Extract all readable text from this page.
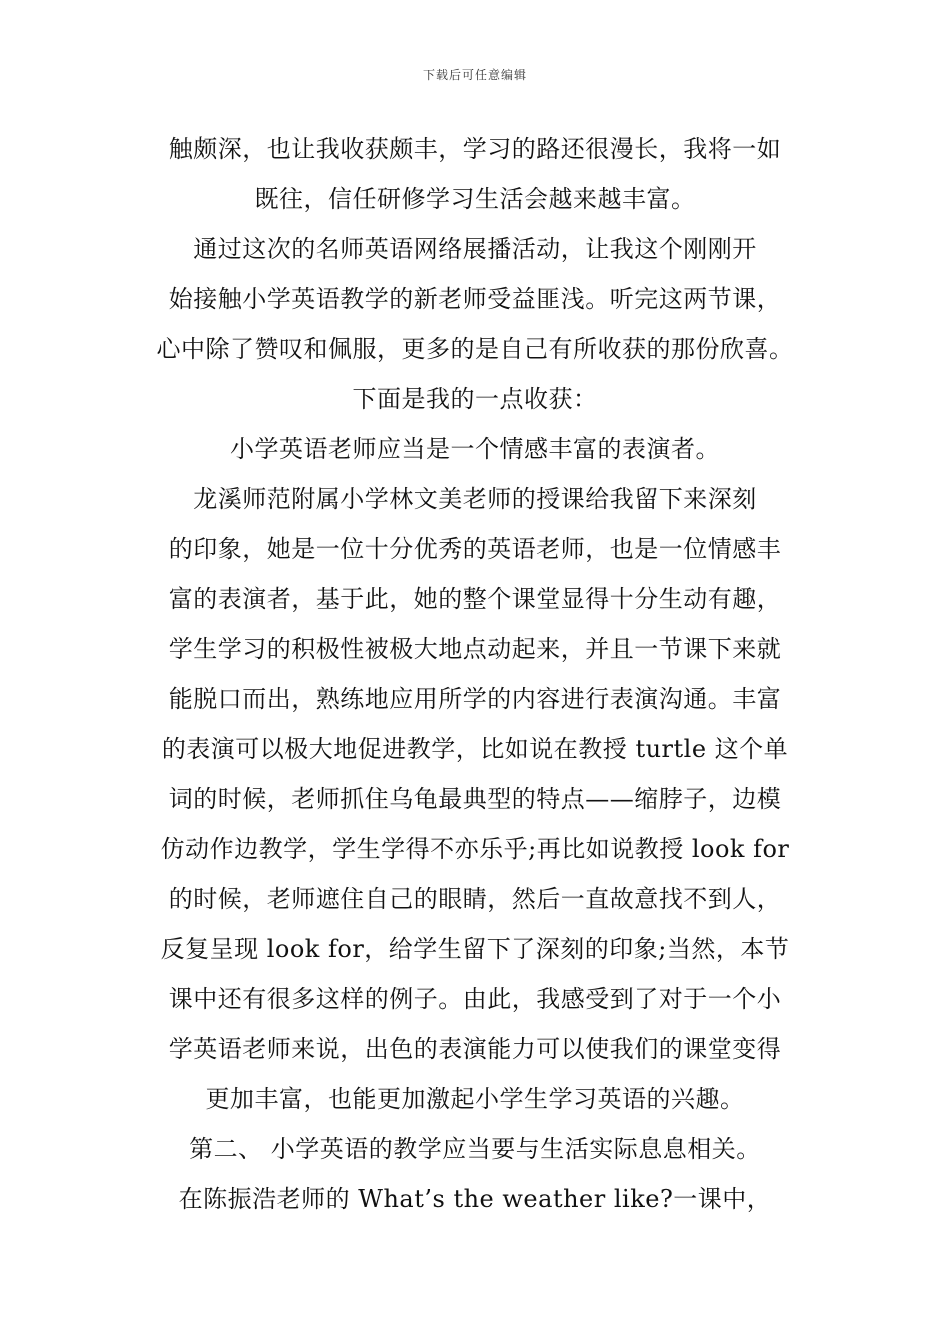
下载后可任意编辑
触颇深，也让我收获颇丰，学习的路还很漫长，我将一如
既往，信任研修学习生活会越来越丰富。
通过这次的名师英语网络展播活动，让我这个刚刚开
始接触小学英语教学的新老师受益匪浅。听完这两节课，
心中除了赞叹和佩服，更多的是自己有所收获的那份欣喜。
下面是我的一点收获：
小学英语老师应当是一个情感丰富的表演者。
龙溪师范附属小学林文美老师的授课给我留下来深刻
的印象，她是一位十分优秀的英语老师，也是一位情感丰
富的表演者，基于此，她的整个课堂显得十分生动有趣，
学生学习的积极性被极大地点动起来，并且一节课下来就
能脱口而出，熟练地应用所学的内容进行表演沟通。丰富
的表演可以极大地促进教学，比如说在教授 turtle 这个单
词的时候，老师抓住乌龟最典型的特点——缩脖子，边模
仿动作边教学，学生学得不亦乐乎;再比如说教授 look for
的时候，老师遮住自己的眼睛，然后一直故意找不到人，
反复呈现 look for，给学生留下了深刻的印象;当然，本节
课中还有很多这样的例子。由此，我感受到了对于一个小
学英语老师来说，出色的表演能力可以使我们的课堂变得
更加丰富，也能更加激起小学生学习英语的兴趣。
第二、 小学英语的教学应当要与生活实际息息相关。
在陈振浩老师的 What’s the weather like?一课中，
